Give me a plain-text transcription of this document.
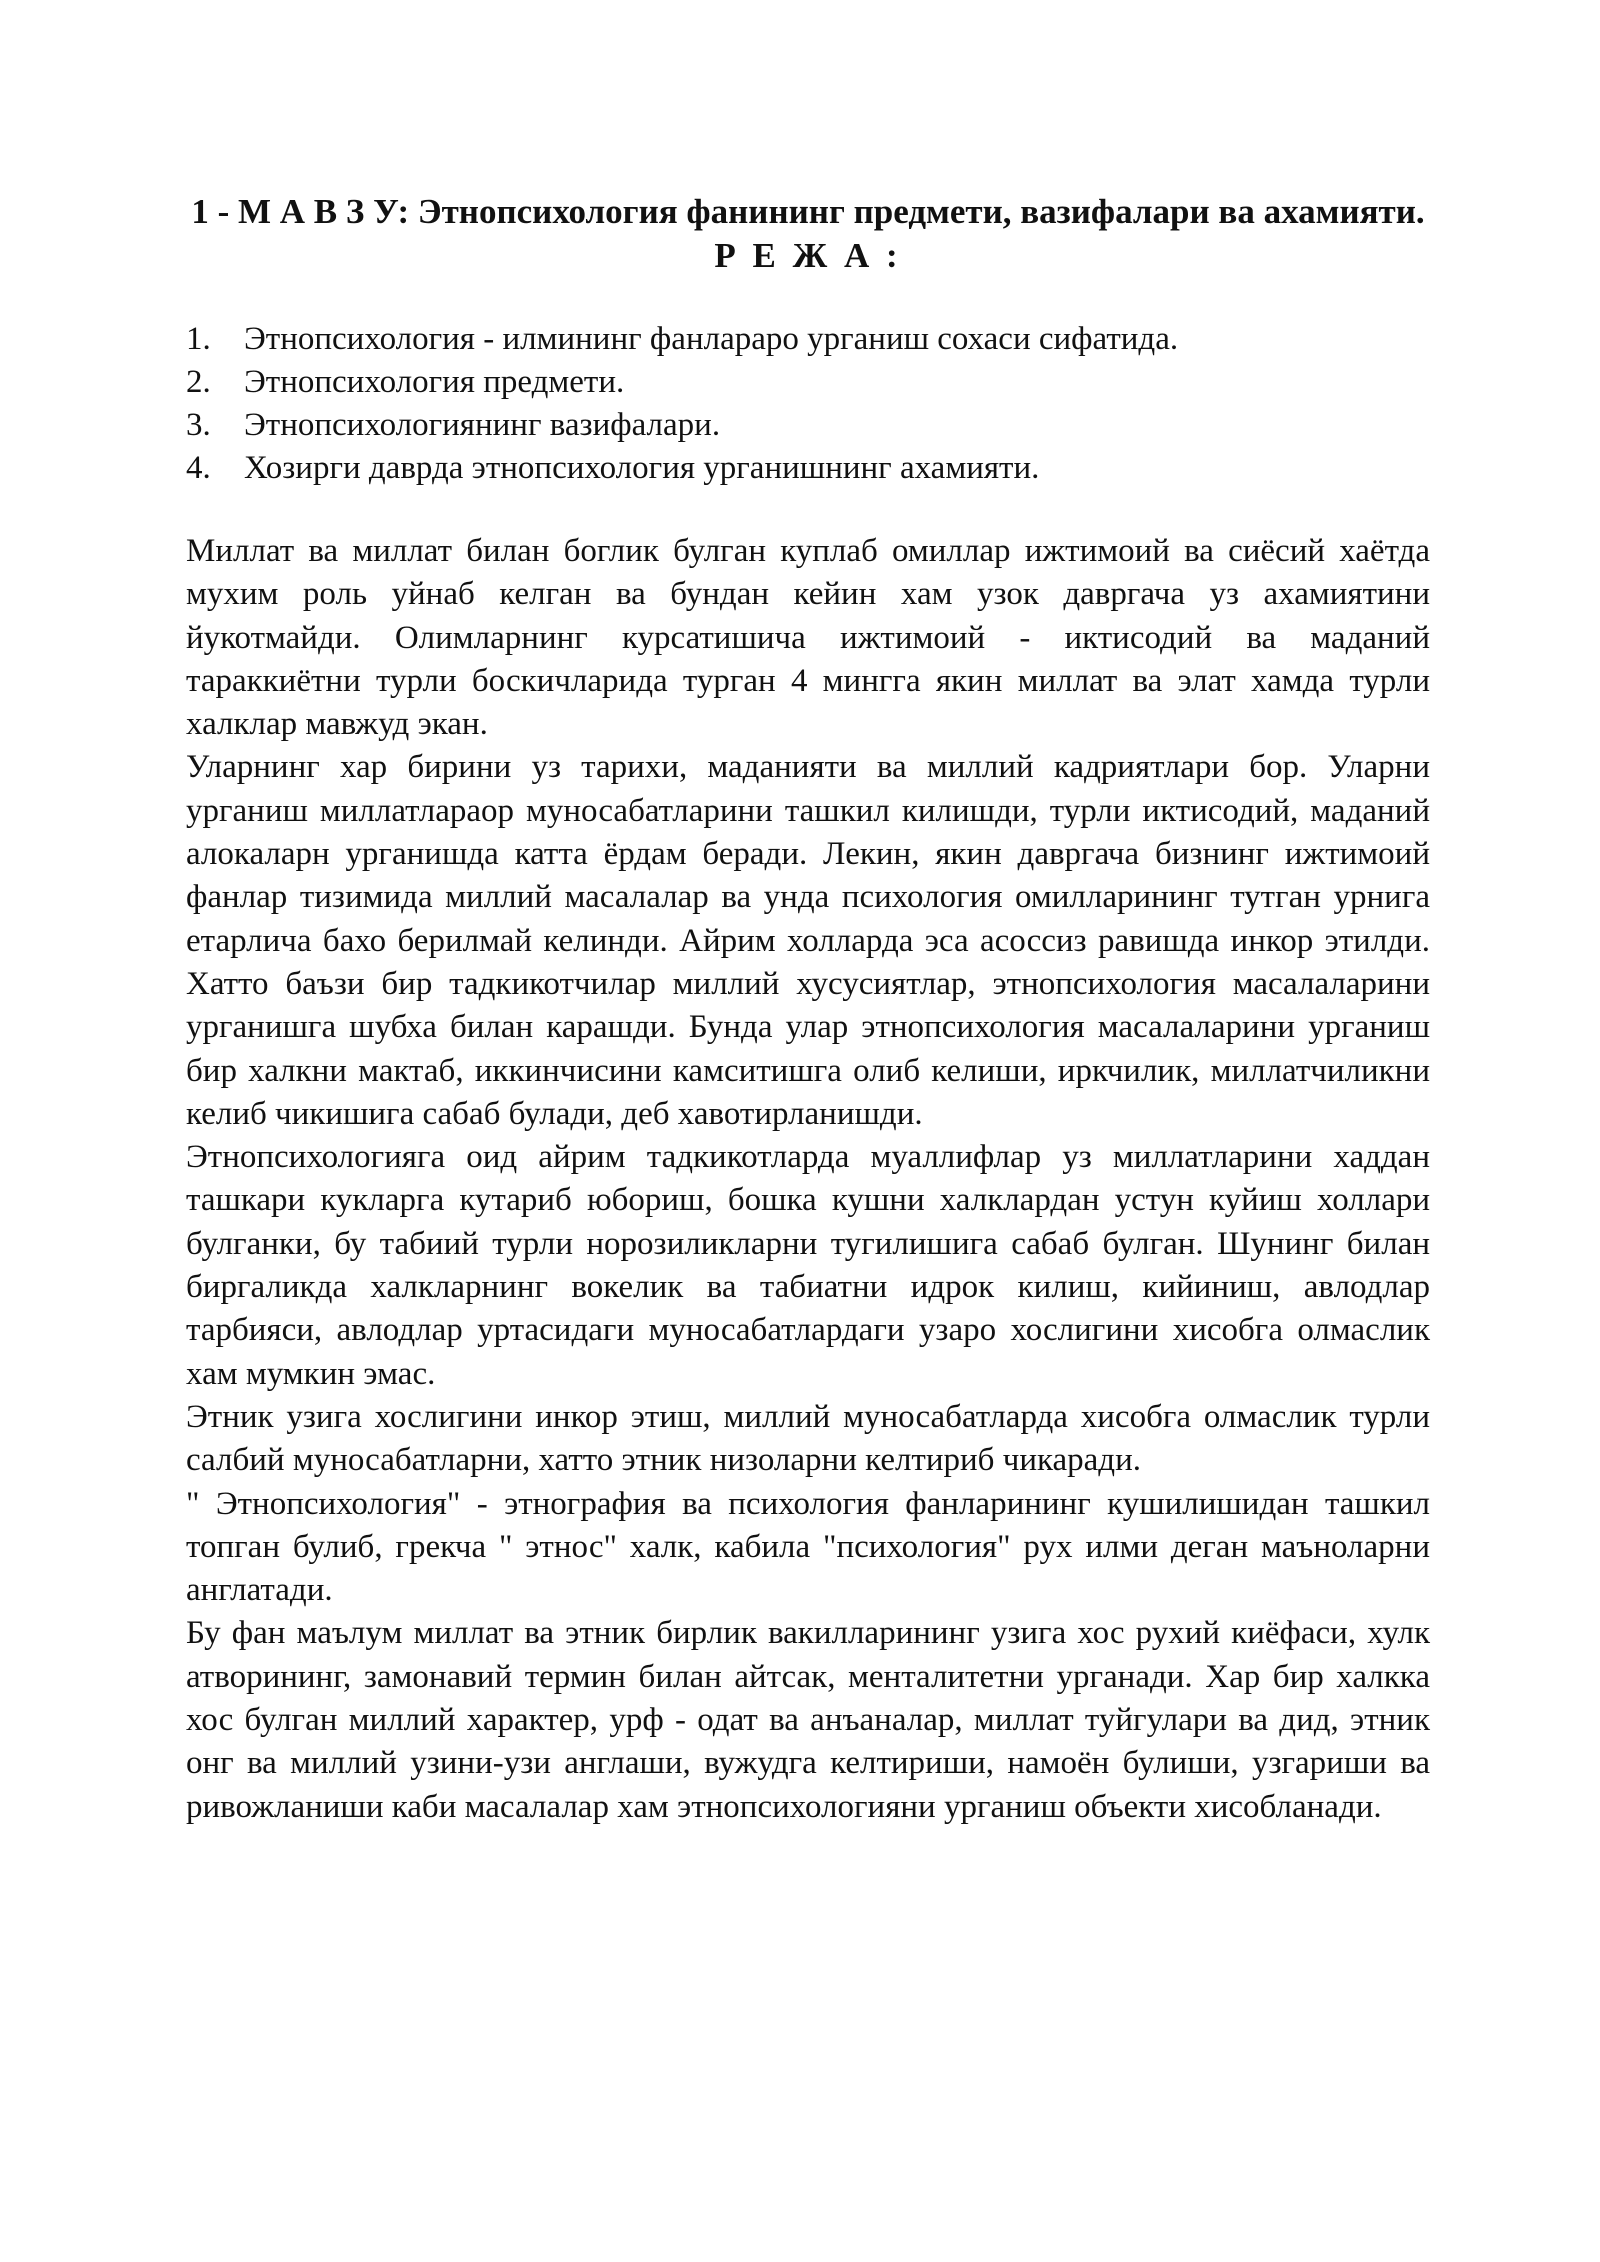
1 - М А В З У: Этнопсихология фанининг предмети, вазифалари ва ахамияти.
Р Е Ж А :
1.	Этнопсихология - илмининг фанлараро урганиш сохаси сифатида.
2.	Этнопсихология предмети.
3.	Этнопсихологиянинг вазифалари.
4.	Хозирги даврда этнопсихология урганишнинг ахамияти.

Миллат ва миллат билан боглик булган куплаб омиллар ижтимоий ва сиёсий хаётда мухим роль уйнаб келган ва бундан кейин хам узок давргача уз ахамиятини йукотмайди. Олимларнинг курсатишича ижтимоий - иктисодий ва маданий тараккиётни турли боскичларида турган 4 мингга якин миллат ва элат хамда турли халклар мавжуд экан.

Уларнинг хар бирини уз тарихи, маданияти ва миллий кадриятлари бор. Уларни урганиш миллатлараор муносабатларини ташкил килишди, турли иктисодий, маданий алокаларн урганишда катта ёрдам беради. Лекин, якин давргача бизнинг ижтимоий фанлар тизимида миллий масалалар ва унда психология омилларининг тутган урнига етарлича бахо берилмай келинди. Айрим холларда эса асоссиз равишда инкор этилди. Хатто баъзи бир тадкикотчилар миллий хусусиятлар, этнопсихология масалаларини урганишга шубха билан карашди. Бунда улар этнопсихология масалаларини урганиш бир халкни мактаб, иккинчисини камситишга олиб келиши, иркчилик, миллатчиликни келиб чикишига сабаб булади, деб хавотирланишди.

Этнопсихологияга оид айрим тадкикотларда муаллифлар уз миллатларини хаддан ташкари кукларга кутариб юбориш, бошка кушни халклардан устун куйиш холлари булганки, бу табиий турли норозиликларни тугилишига сабаб булган. Шунинг билан биргаликда халкларнинг вокелик ва табиатни идрок килиш, кийиниш, авлодлар тарбияси, авлодлар уртасидаги муносабатлардаги узаро хослигини хисобга олмаслик хам мумкин эмас.

Этник узига хослигини инкор этиш, миллий муносабатларда хисобга олмаслик турли салбий муносабатларни, хатто этник низоларни келтириб чикаради.

" Этнопсихология" - этнография ва психология фанларининг кушилишидан ташкил топган булиб, грекча " этнос" халк, кабила "психология" рух илми деган маъноларни англатади.

Бу фан маълум миллат ва этник бирлик вакилларининг узига хос рухий киёфаси, хулк атворининг, замонавий термин билан айтсак, менталитетни урганади. Хар бир халкка хос булган миллий характер, урф - одат ва анъаналар, миллат туйгулари ва дид, этник онг ва миллий узини-узи англаши, вужудга келтириши, намоён булиши, узгариши ва ривожланиши каби масалалар хам этнопсихологияни урганиш объекти хисобланади.
